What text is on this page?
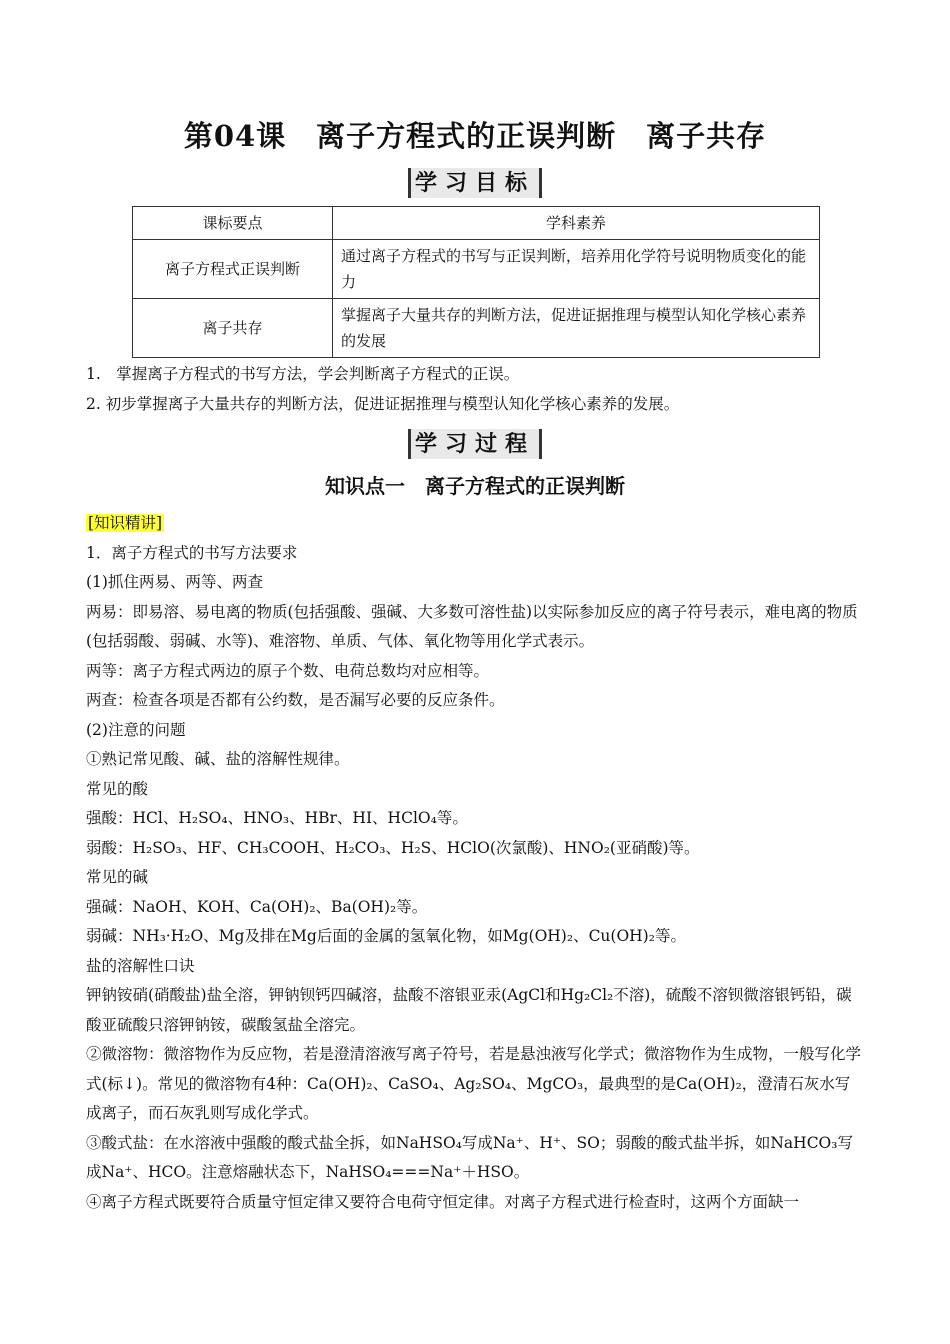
第04课　离子方程式的正误判断　离子共存
学习目标
课标要点	学科素养
离子方程式正误判断	通过离子方程式的书写与正误判断，培养用化学符号说明物质变化的能力
离子共存	掌握离子大量共存的判断方法，促进证据推理与模型认知化学核心素养的发展

1.　掌握离子方程式的书写方法，学会判断离子方程式的正误。

2. 初步掌握离子大量共存的判断方法，促进证据推理与模型认知化学核心素养的发展。

学习过程
知识点一　离子方程式的正误判断

[知识精讲]

1．离子方程式的书写方法要求

(1)抓住两易、两等、两查

两易：即易溶、易电离的物质(包括强酸、强碱、大多数可溶性盐)以实际参加反应的离子符号表示，难电离的物质(包括弱酸、弱碱、水等)、难溶物、单质、气体、氧化物等用化学式表示。

两等：离子方程式两边的原子个数、电荷总数均对应相等。

两查：检查各项是否都有公约数，是否漏写必要的反应条件。

(2)注意的问题

①熟记常见酸、碱、盐的溶解性规律。

常见的酸

强酸：HCl、H₂SO₄、HNO₃、HBr、HI、HClO₄等。

弱酸：H₂SO₃、HF、CH₃COOH、H₂CO₃、H₂S、HClO(次氯酸)、HNO₂(亚硝酸)等。

常见的碱

强碱：NaOH、KOH、Ca(OH)₂、Ba(OH)₂等。

弱碱：NH₃·H₂O、Mg及排在Mg后面的金属的氢氧化物，如Mg(OH)₂、Cu(OH)₂等。

盐的溶解性口诀

钾钠铵硝(硝酸盐)盐全溶，钾钠钡钙四碱溶，盐酸不溶银亚汞(AgCl和Hg₂Cl₂不溶)，硫酸不溶钡微溶银钙铅，碳酸亚硫酸只溶钾钠铵，碳酸氢盐全溶完。

②微溶物：微溶物作为反应物，若是澄清溶液写离子符号，若是悬浊液写化学式；微溶物作为生成物，一般写化学式(标↓)。常见的微溶物有4种：Ca(OH)₂、CaSO₄、Ag₂SO₄、MgCO₃，最典型的是Ca(OH)₂，澄清石灰水写成离子，而石灰乳则写成化学式。

③酸式盐：在水溶液中强酸的酸式盐全拆，如NaHSO₄写成Na⁺、H⁺、SO；弱酸的酸式盐半拆，如NaHCO₃写成Na⁺、HCO。注意熔融状态下，NaHSO₄===Na⁺＋HSO。

④离子方程式既要符合质量守恒定律又要符合电荷守恒定律。对离子方程式进行检查时，这两个方面缺一
